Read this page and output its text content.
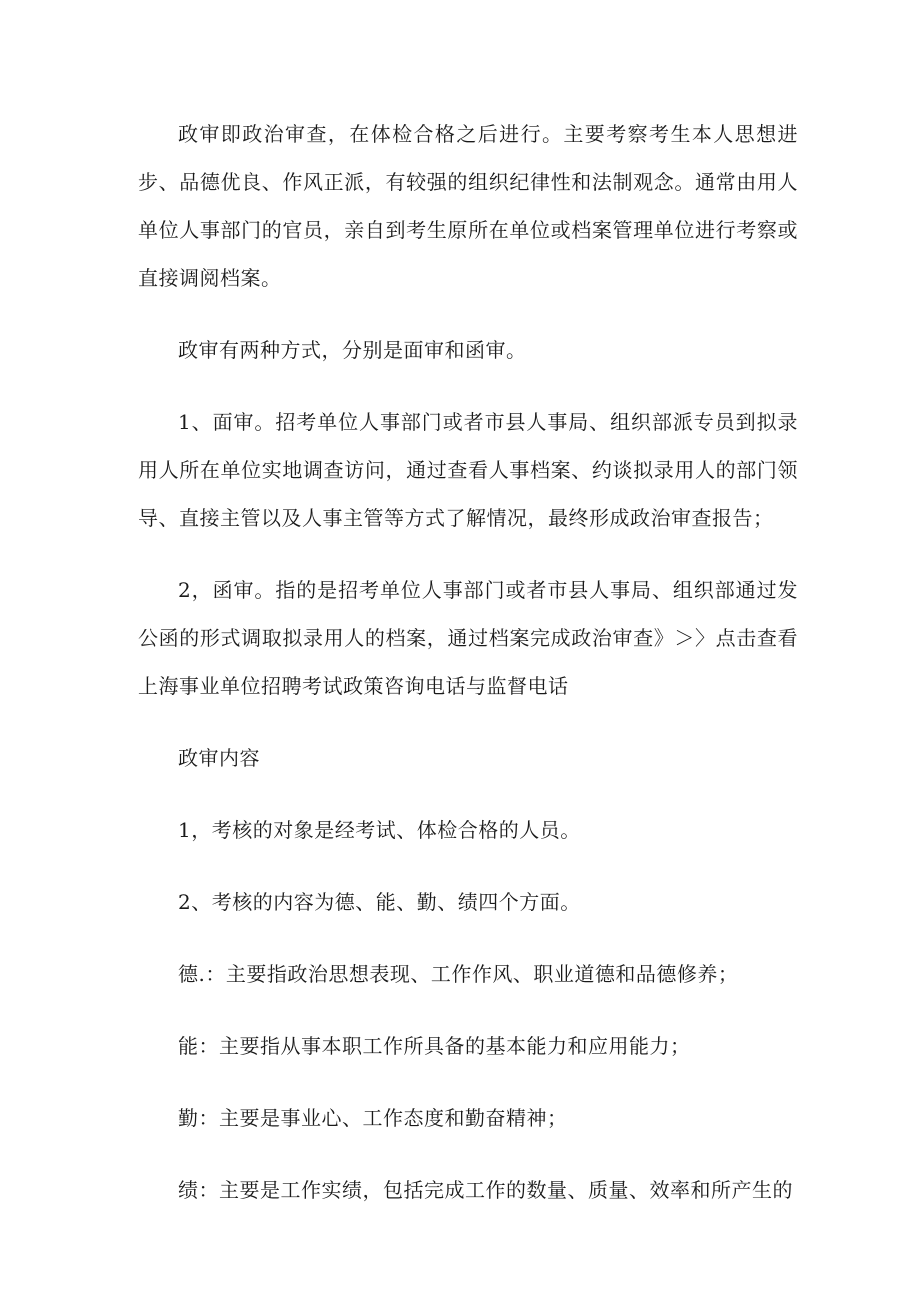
政审即政治审查，在体检合格之后进行。主要考察考生本人思想进步、品德优良、作风正派，有较强的组织纪律性和法制观念。通常由用人单位人事部门的官员，亲自到考生原所在单位或档案管理单位进行考察或直接调阅档案。

政审有两种方式，分别是面审和函审。

1、面审。招考单位人事部门或者市县人事局、组织部派专员到拟录用人所在单位实地调查访问，通过查看人事档案、约谈拟录用人的部门领导、直接主管以及人事主管等方式了解情况，最终形成政治审查报告；

2，函审。指的是招考单位人事部门或者市县人事局、组织部通过发公函的形式调取拟录用人的档案，通过档案完成政治审查》＞〉点击查看上海事业单位招聘考试政策咨询电话与监督电话

政审内容

1，考核的对象是经考试、体检合格的人员。

2、考核的内容为德、能、勤、绩四个方面。

德.：主要指政治思想表现、工作作风、职业道德和品德修养；

能：主要指从事本职工作所具备的基本能力和应用能力；

勤：主要是事业心、工作态度和勤奋精神；

绩：主要是工作实绩，包括完成工作的数量、质量、效率和所产生的
